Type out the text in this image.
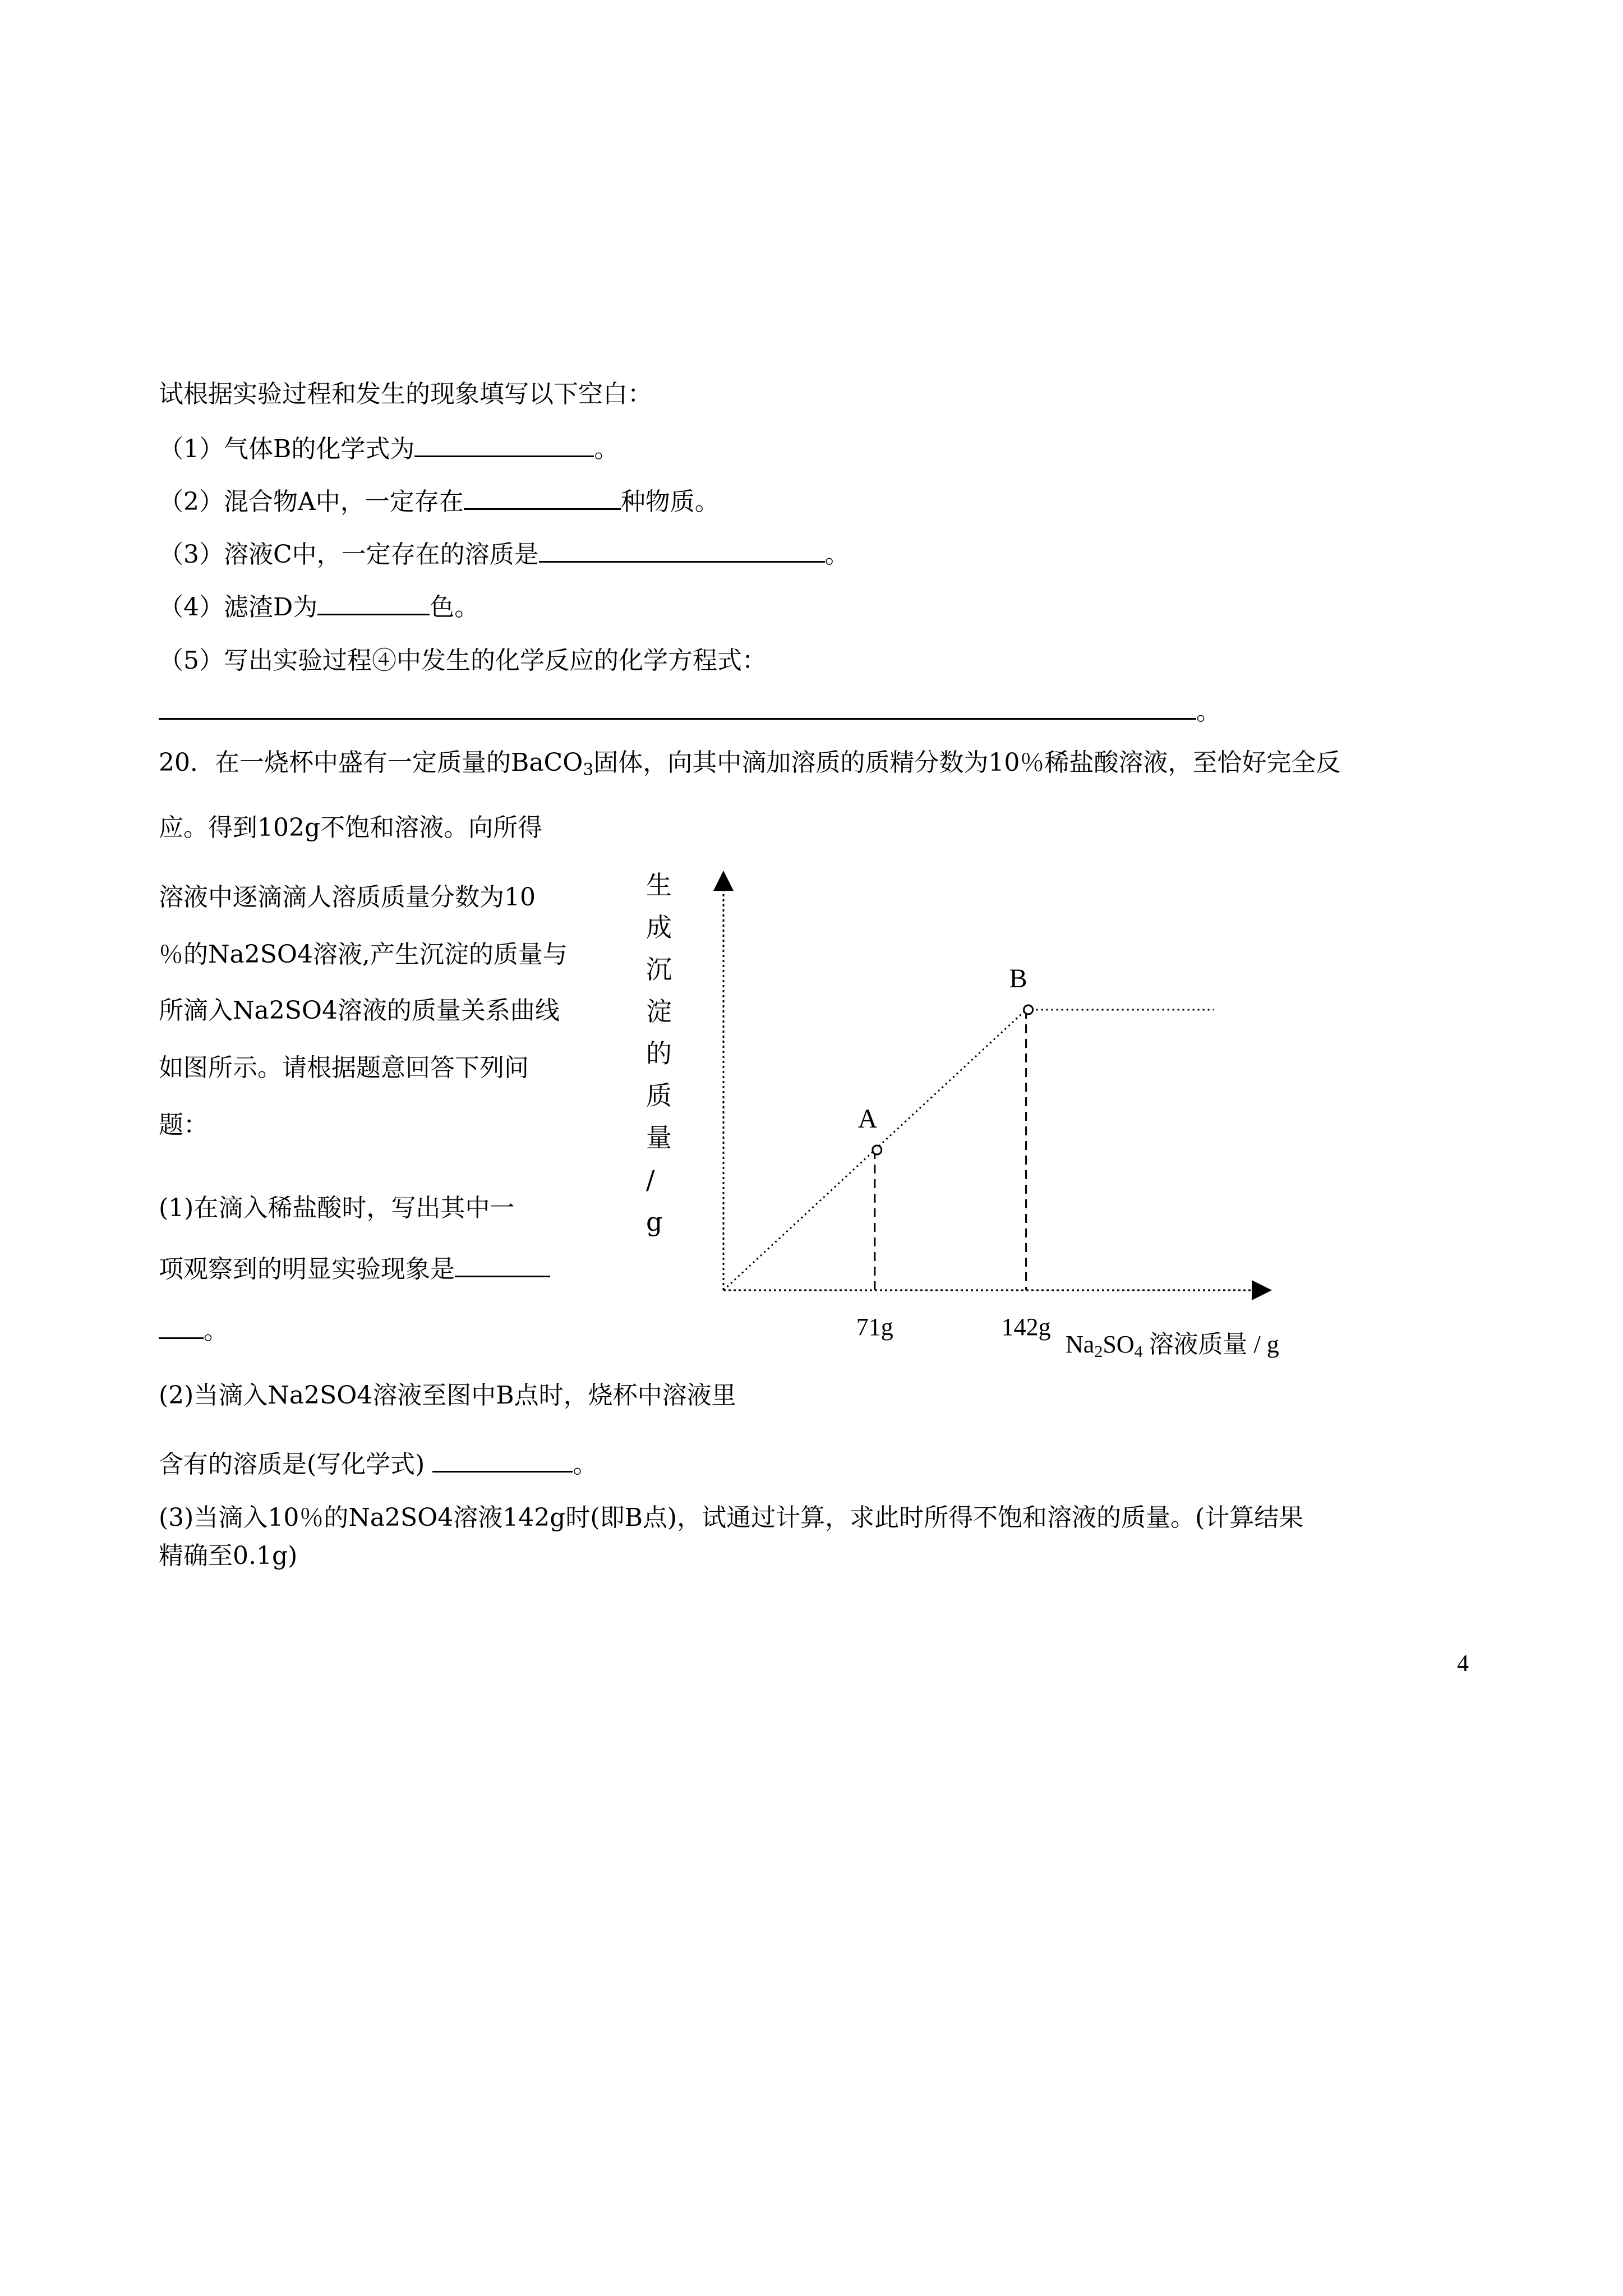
试根据实验过程和发生的现象填写以下空白：
（1）气体B的化学式为	。
（2）混合物A中，一定存在	种物质。
（3）溶液C中，一定存在的溶质是	。
（4）滤渣D为	色。
（5）写出实验过程④中发生的化学反应的化学方程式：
。
20．在一烧杯中盛有一定质量的BaCO$_3$固体，向其中滴加溶质的质精分数为10％稀盐酸溶液，至恰好完全反
应。得到102g不饱和溶液。向所得
溶液中逐滴滴人溶质质量分数为10
％的Na2SO4溶液,产生沉淀的质量与
所滴入Na2SO4溶液的质量关系曲线
如图所示。请根据题意回答下列问
题：
(1)在滴入稀盐酸时，写出其中一
项观察到的明显实验现象是
。
(2)当滴入Na2SO4溶液至图中B点时，烧杯中溶液里
含有的溶质是(写化学式)	。
(3)当滴入10％的Na2SO4溶液142g时(即B点)，试通过计算，求此时所得不饱和溶液的质量。(计算结果
精确至0.1g)
生
成
沉
淀
的
质
量
/
g
A
71g
B
142g
$Na_2SO_4$ 溶液质量 / g
4
